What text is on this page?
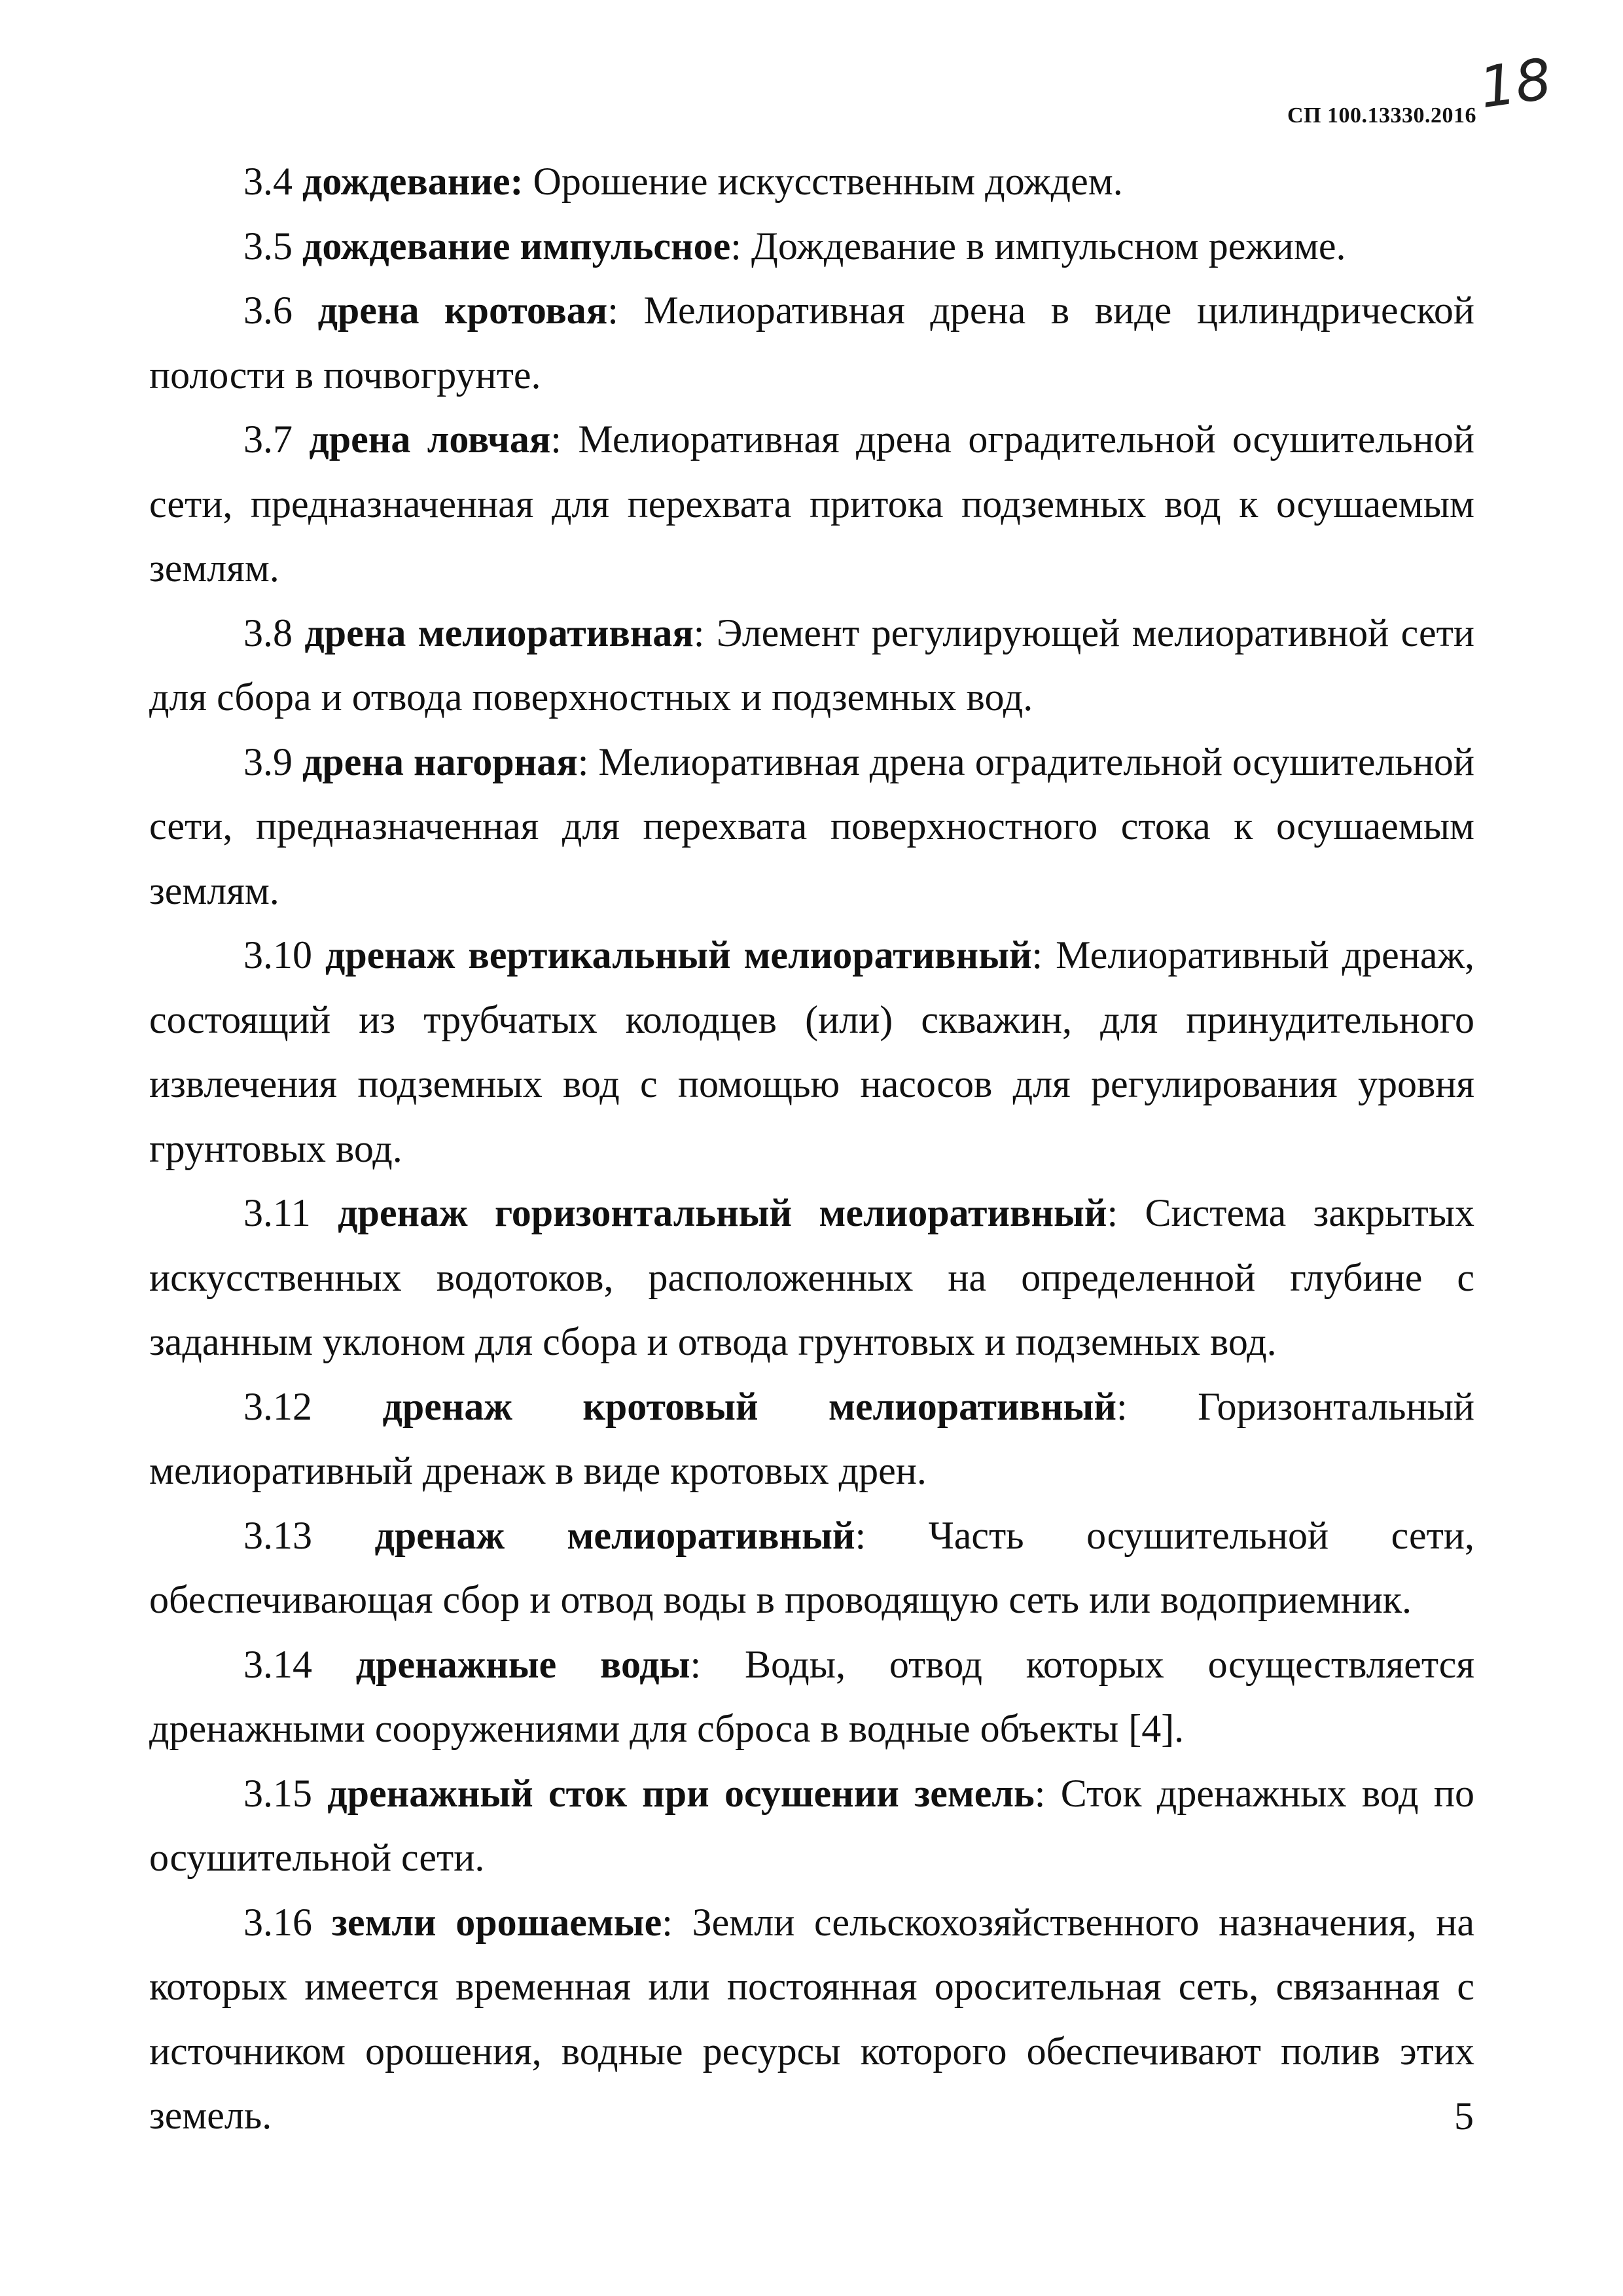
18
СП 100.13330.2016

3.4 дождевание: Орошение искусственным дождем.

3.5 дождевание импульсное: Дождевание в импульсном режиме.

3.6 дрена кротовая: Мелиоративная дрена в виде цилиндрической полости в почвогрунте.

3.7 дрена ловчая: Мелиоративная дрена оградительной осушительной сети, предназначенная для перехвата притока подземных вод к осушаемым землям.

3.8 дрена мелиоративная: Элемент регулирующей мелиоративной сети для сбора и отвода поверхностных и подземных вод.

3.9 дрена нагорная: Мелиоративная дрена оградительной осушительной сети, предназначенная для перехвата поверхностного стока к осушаемым землям.

3.10 дренаж вертикальный мелиоративный: Мелиоративный дренаж, состоящий из трубчатых колодцев (или) скважин, для принудительного извлечения подземных вод с помощью насосов для регулирования уровня грунтовых вод.

3.11 дренаж горизонтальный мелиоративный: Система закрытых искусственных водотоков, расположенных на определенной глубине с заданным уклоном для сбора и отвода грунтовых и подземных вод.

3.12 дренаж кротовый мелиоративный: Горизонтальный мелиоративный дренаж в виде кротовых дрен.

3.13 дренаж мелиоративный: Часть осушительной сети, обеспечивающая сбор и отвод воды в проводящую сеть или водоприемник.

3.14 дренажные воды: Воды, отвод которых осуществляется дренажными сооружениями для сброса в водные объекты [4].

3.15 дренажный сток при осушении земель: Сток дренажных вод по осушительной сети.

3.16 земли орошаемые: Земли сельскохозяйственного назначения, на которых имеется временная или постоянная оросительная сеть, связанная с источником орошения, водные ресурсы которого обеспечивают полив этих земель.	5
